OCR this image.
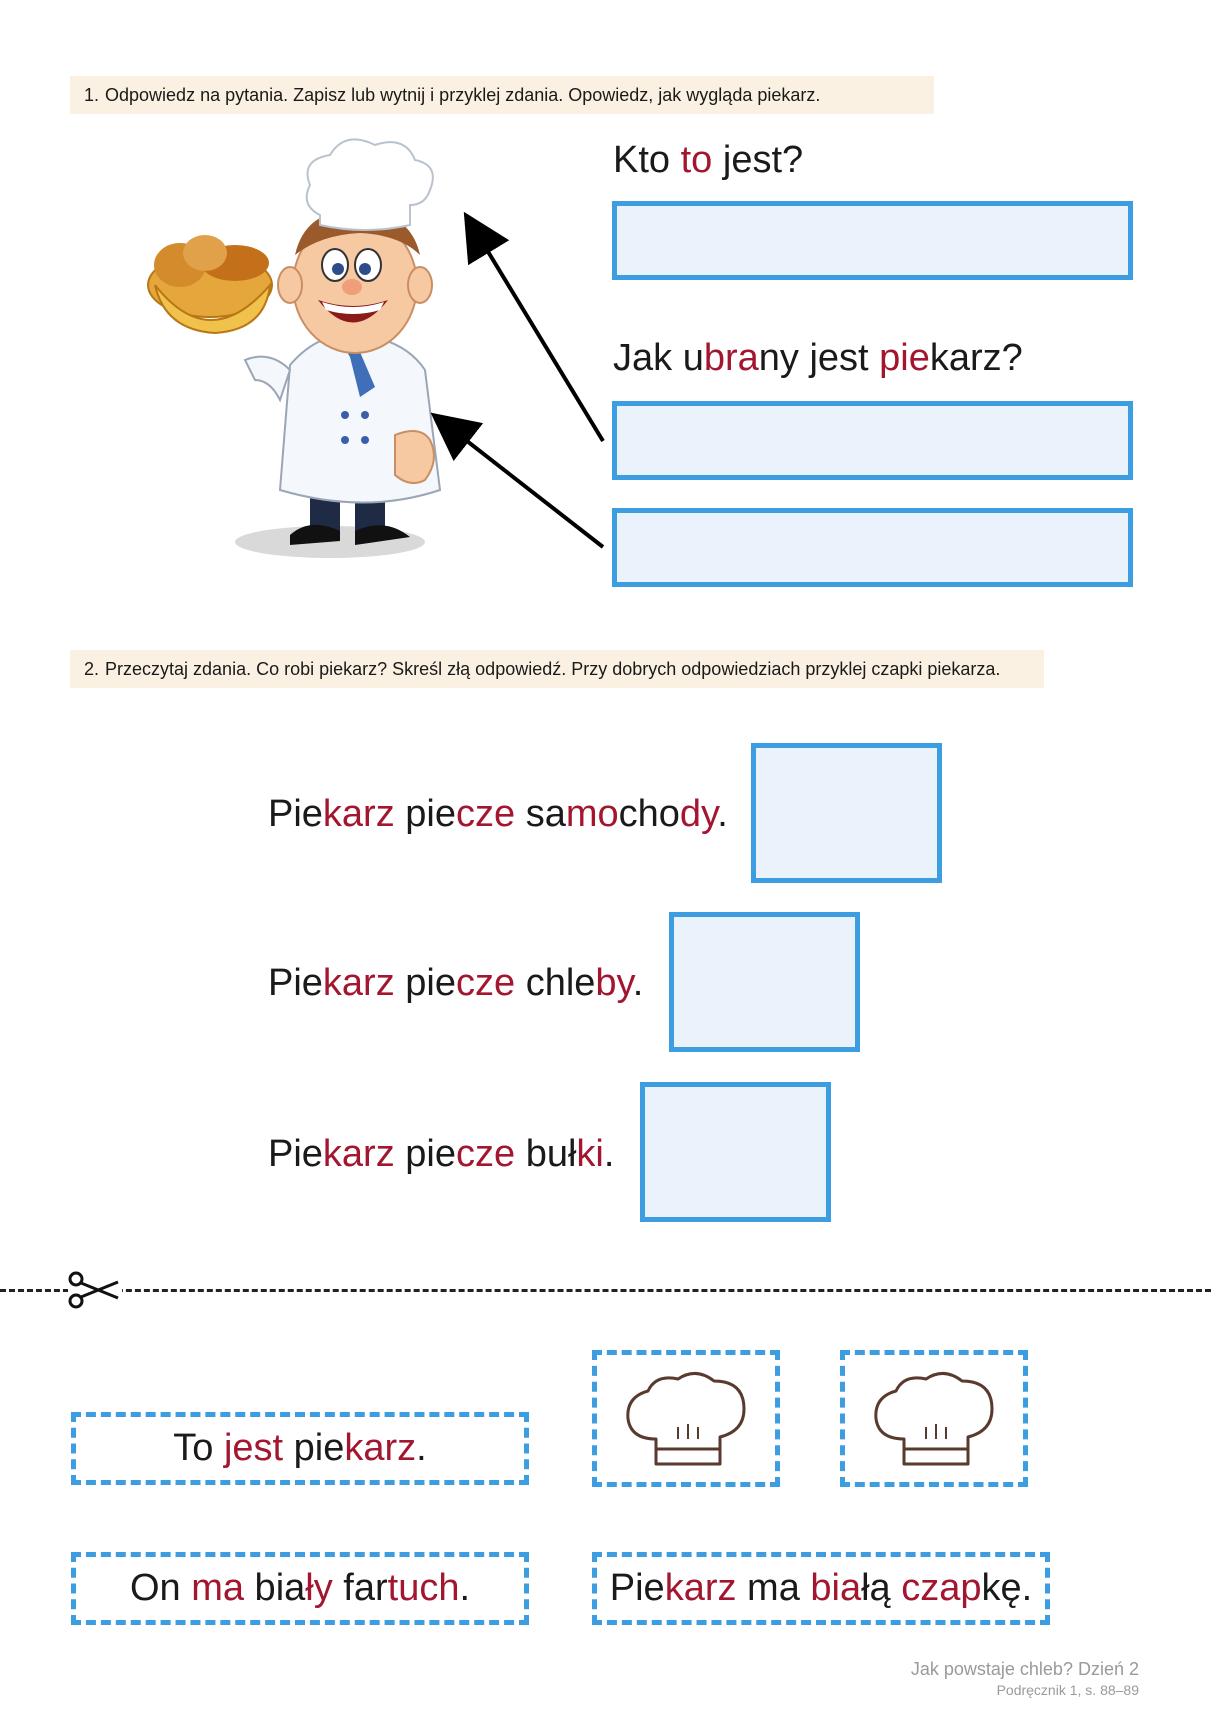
1. Odpowiedz na pytania. Zapisz lub wytnij i przyklej zdania. Opowiedz, jak wygląda piekarz.
Kto to jest?
Jak ubrany jest piekarz?
2. Przeczytaj zdania. Co robi piekarz? Skreśl złą odpowiedź. Przy dobrych odpowiedziach przyklej czapki piekarza.
Piekarz piecze samochody.
Piekarz piecze chleby.
Piekarz piecze bułki.
To jest piekarz.
On ma biały fartuch.	Piekarz ma białą czapkę.
Jak powstaje chleb? Dzień 2
Podręcznik 1, s. 88–89
